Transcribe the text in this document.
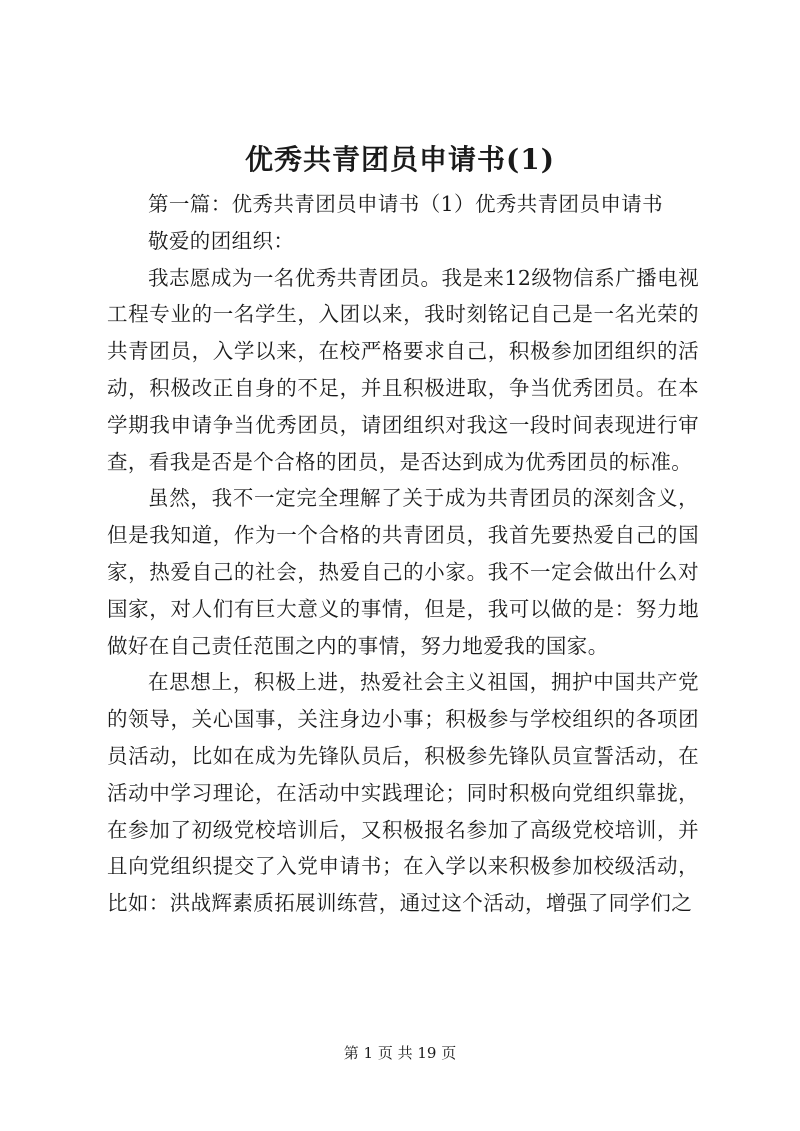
优秀共青团员申请书(1)

第一篇：优秀共青团员申请书（1）优秀共青团员申请书

敬爱的团组织：

我志愿成为一名优秀共青团员。我是来12级物信系广播电视工程专业的一名学生，入团以来，我时刻铭记自己是一名光荣的共青团员，入学以来，在校严格要求自己，积极参加团组织的活动，积极改正自身的不足，并且积极进取，争当优秀团员。在本学期我申请争当优秀团员，请团组织对我这一段时间表现进行审查，看我是否是个合格的团员，是否达到成为优秀团员的标准。

虽然，我不一定完全理解了关于成为共青团员的深刻含义，但是我知道，作为一个合格的共青团员，我首先要热爱自己的国家，热爱自己的社会，热爱自己的小家。我不一定会做出什么对国家，对人们有巨大意义的事情，但是，我可以做的是：努力地做好在自己责任范围之内的事情，努力地爱我的国家。

在思想上，积极上进，热爱社会主义祖国，拥护中国共产党的领导，关心国事，关注身边小事；积极参与学校组织的各项团员活动，比如在成为先锋队员后，积极参先锋队员宣誓活动，在活动中学习理论，在活动中实践理论；同时积极向党组织靠拢，在参加了初级党校培训后，又积极报名参加了高级党校培训，并且向党组织提交了入党申请书；在入学以来积极参加校级活动，比如：洪战辉素质拓展训练营，通过这个活动，增强了同学们之

第 1 页 共 19 页
